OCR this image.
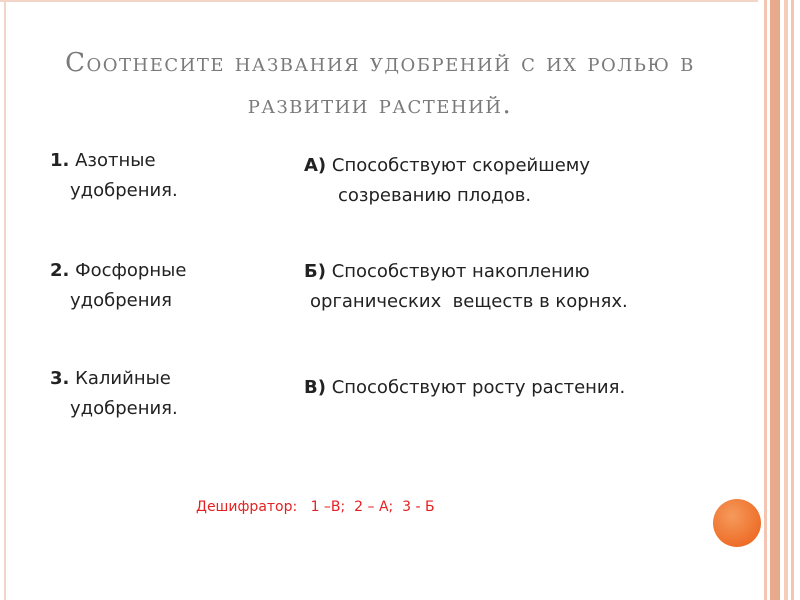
Соотнесите названия удобрений с их ролью в развитии растений.
1. Азотные
удобрения.
2. Фосфорные
удобрения
3. Калийные
удобрения.
А) Способствуют скорейшему
созреванию плодов.
Б) Способствуют накоплению
органических  веществ в корнях.
В) Способствуют росту растения.
Дешифратор:   1 –В;  2 – А;  3 - Б
